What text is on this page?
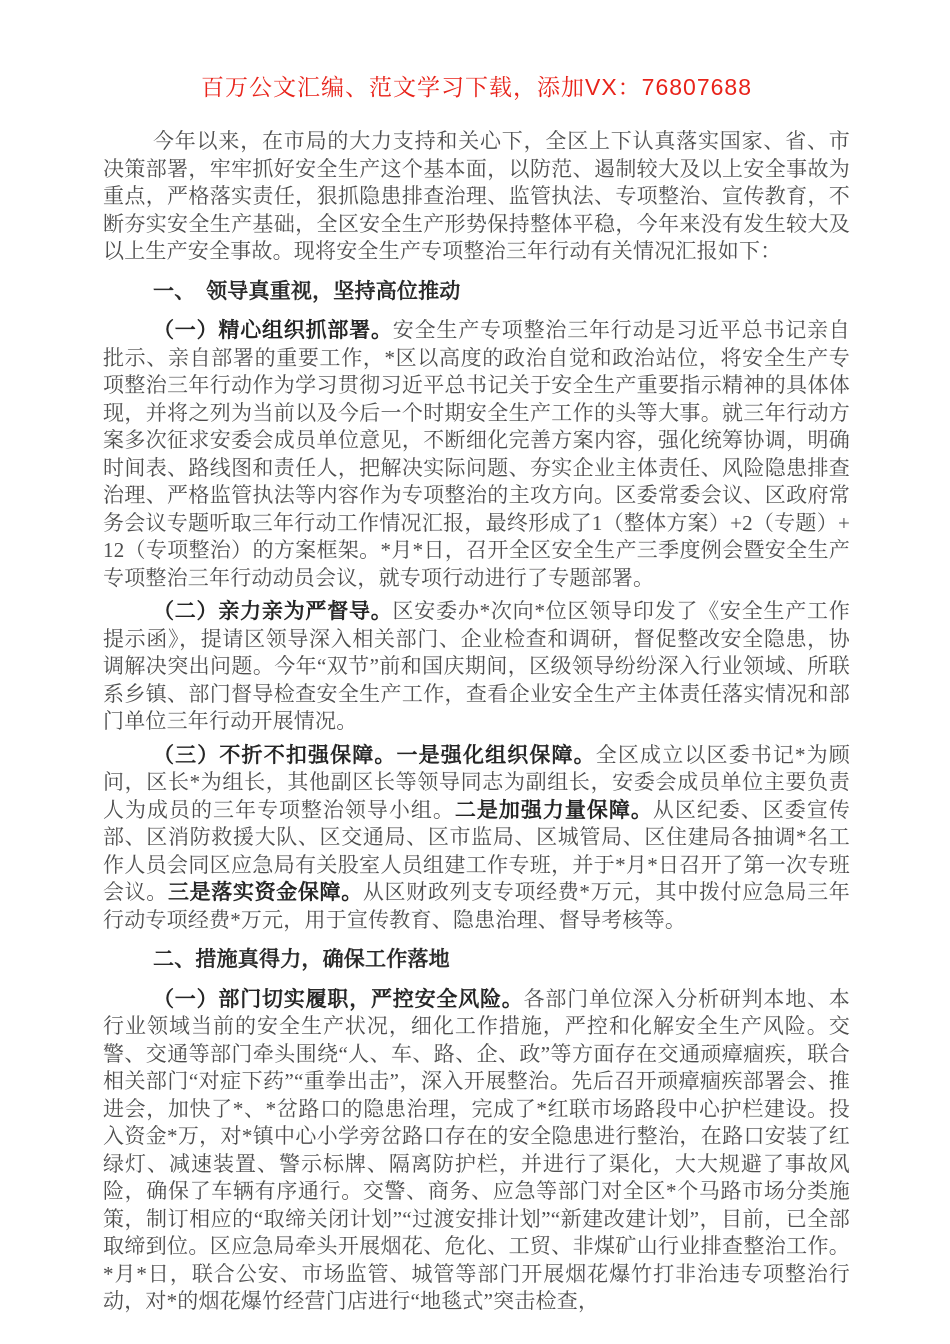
百万公文汇编、范文学习下载，添加VX：76807688

今年以来，在市局的大力支持和关心下，全区上下认真落实国家、省、市决策部署，牢牢抓好安全生产这个基本面，以防范、遏制较大及以上安全事故为重点，严格落实责任，狠抓隐患排查治理、监管执法、专项整治、宣传教育，不断夯实安全生产基础，全区安全生产形势保持整体平稳，今年来没有发生较大及以上生产安全事故。现将安全生产专项整治三年行动有关情况汇报如下：

一、　领导真重视，坚持高位推动

（一）精心组织抓部署。安全生产专项整治三年行动是习近平总书记亲自批示、亲自部署的重要工作，*区以高度的政治自觉和政治站位，将安全生产专项整治三年行动作为学习贯彻习近平总书记关于安全生产重要指示精神的具体体现，并将之列为当前以及今后一个时期安全生产工作的头等大事。就三年行动方案多次征求安委会成员单位意见，不断细化完善方案内容，强化统筹协调，明确时间表、路线图和责任人，把解决实际问题、夯实企业主体责任、风险隐患排查治理、严格监管执法等内容作为专项整治的主攻方向。区委常委会议、区政府常务会议专题听取三年行动工作情况汇报，最终形成了1（整体方案）+2（专题）+12（专项整治）的方案框架。*月*日，召开全区安全生产三季度例会暨安全生产专项整治三年行动动员会议，就专项行动进行了专题部署。

（二）亲力亲为严督导。区安委办*次向*位区领导印发了《安全生产工作提示函》，提请区领导深入相关部门、企业检查和调研，督促整改安全隐患，协调解决突出问题。今年“双节”前和国庆期间，区级领导纷纷深入行业领域、所联系乡镇、部门督导检查安全生产工作，查看企业安全生产主体责任落实情况和部门单位三年行动开展情况。

（三）不折不扣强保障。一是强化组织保障。全区成立以区委书记*为顾问，区长*为组长，其他副区长等领导同志为副组长，安委会成员单位主要负责人为成员的三年专项整治领导小组。二是加强力量保障。从区纪委、区委宣传部、区消防救援大队、区交通局、区市监局、区城管局、区住建局各抽调*名工作人员会同区应急局有关股室人员组建工作专班，并于*月*日召开了第一次专班会议。三是落实资金保障。从区财政列支专项经费*万元，其中拨付应急局三年行动专项经费*万元，用于宣传教育、隐患治理、督导考核等。

二、措施真得力，确保工作落地

（一）部门切实履职，严控安全风险。各部门单位深入分析研判本地、本行业领域当前的安全生产状况，细化工作措施，严控和化解安全生产风险。交警、交通等部门牵头围绕“人、车、路、企、政”等方面存在交通顽瘴痼疾，联合相关部门“对症下药”“重拳出击”，深入开展整治。先后召开顽瘴痼疾部署会、推进会，加快了*、*岔路口的隐患治理，完成了*红联市场路段中心护栏建设。投入资金*万，对*镇中心小学旁岔路口存在的安全隐患进行整治，在路口安装了红绿灯、减速装置、警示标牌、隔离防护栏，并进行了渠化，大大规避了事故风险，确保了车辆有序通行。交警、商务、应急等部门对全区*个马路市场分类施策，制订相应的“取缔关闭计划”“过渡安排计划”“新建改建计划”，目前，已全部取缔到位。区应急局牵头开展烟花、危化、工贸、非煤矿山行业排查整治工作。*月*日，联合公安、市场监管、城管等部门开展烟花爆竹打非治违专项整治行动，对*的烟花爆竹经营门店进行“地毯式”突击检查，
